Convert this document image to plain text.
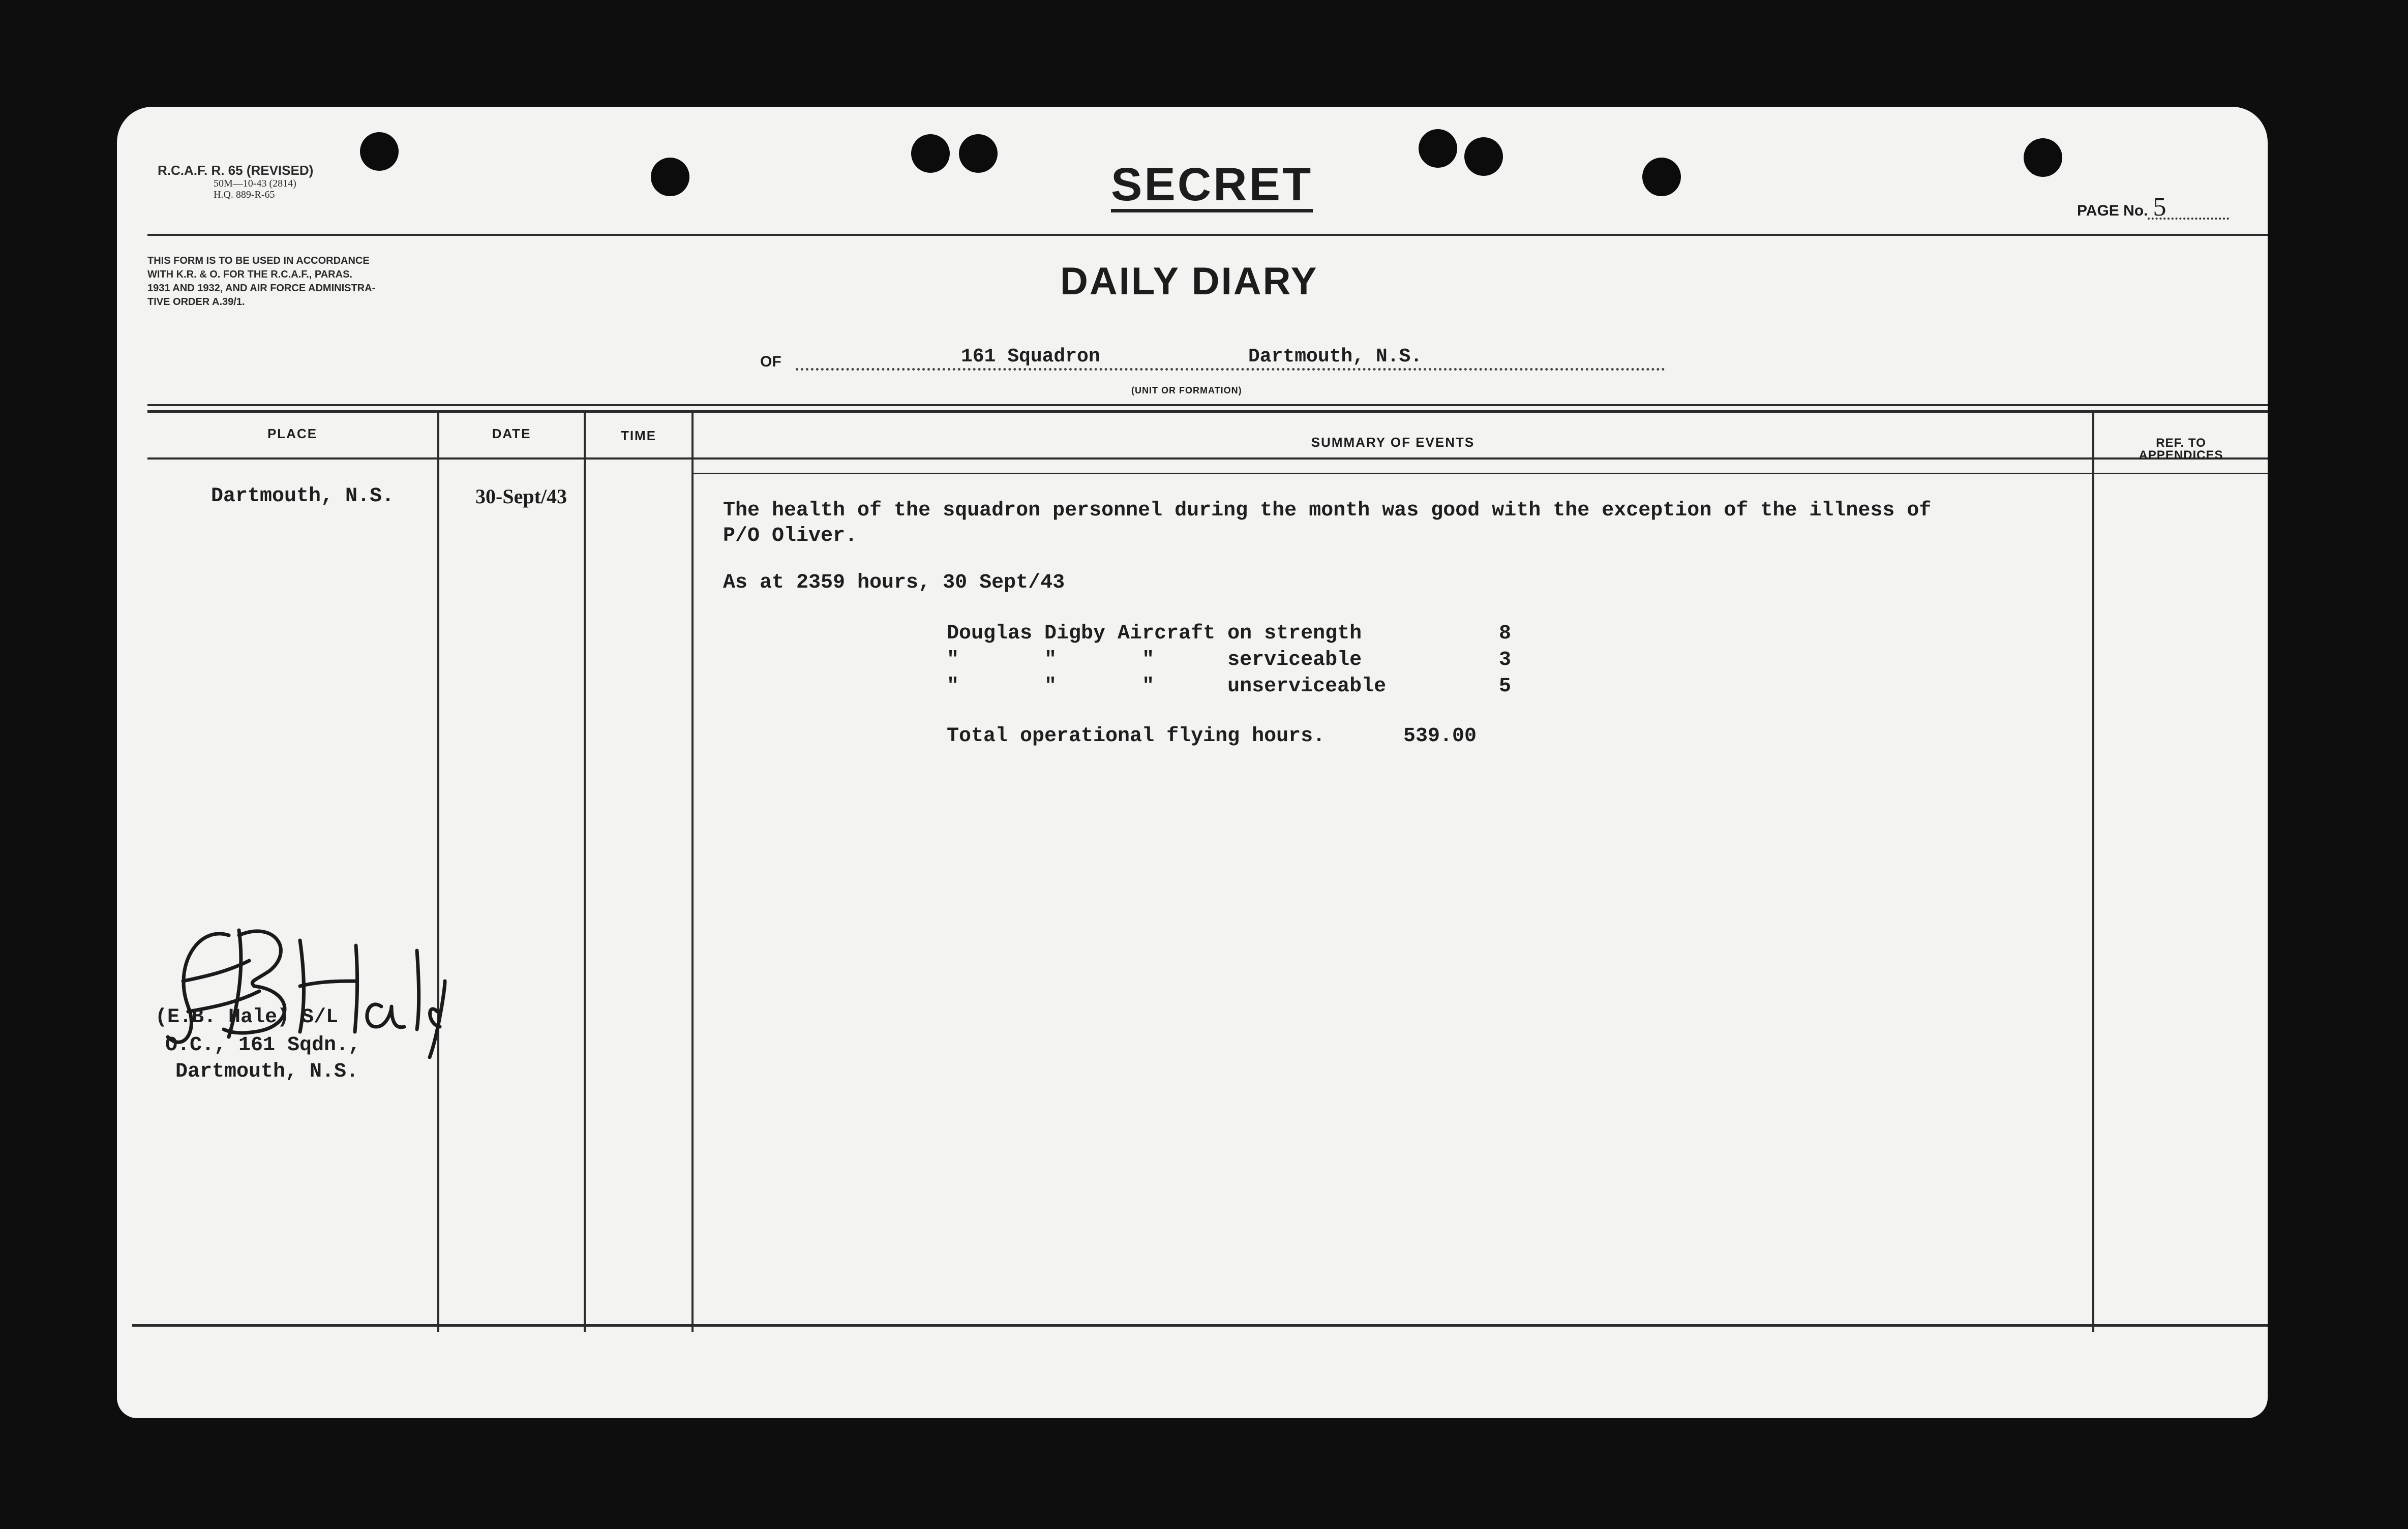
R.C.A.F. R. 65 (REVISED)
50M—10-43 (2814)
H.Q. 889-R-65	SECRET
PAGE No. 5
THIS FORM IS TO BE USED IN ACCORDANCE
WITH K.R. & O. FOR THE R.C.A.F., PARAS.
1931 AND 1932, AND AIR FORCE ADMINISTRA-
TIVE ORDER A.39/1.	DAILY DIARY
OF	161 Squadron	Dartmouth, N.S.
(UNIT OR FORMATION)
PLACE	DATE	TIME	SUMMARY OF EVENTS	REF. TO
APPENDICES
Dartmouth, N.S.	30-Sept/43
The health of the squadron personnel during the month was good with the exception of the illness of
P/O Oliver.
As at 2359 hours, 30 Sept/43
Douglas Digby Aircraft on strength	8
"       "       "      serviceable	3
"       "       "      unserviceable	5
Total operational flying hours.	539.00
(E.B. Hale) S/L
O.C., 161 Sqdn.,
Dartmouth, N.S.
